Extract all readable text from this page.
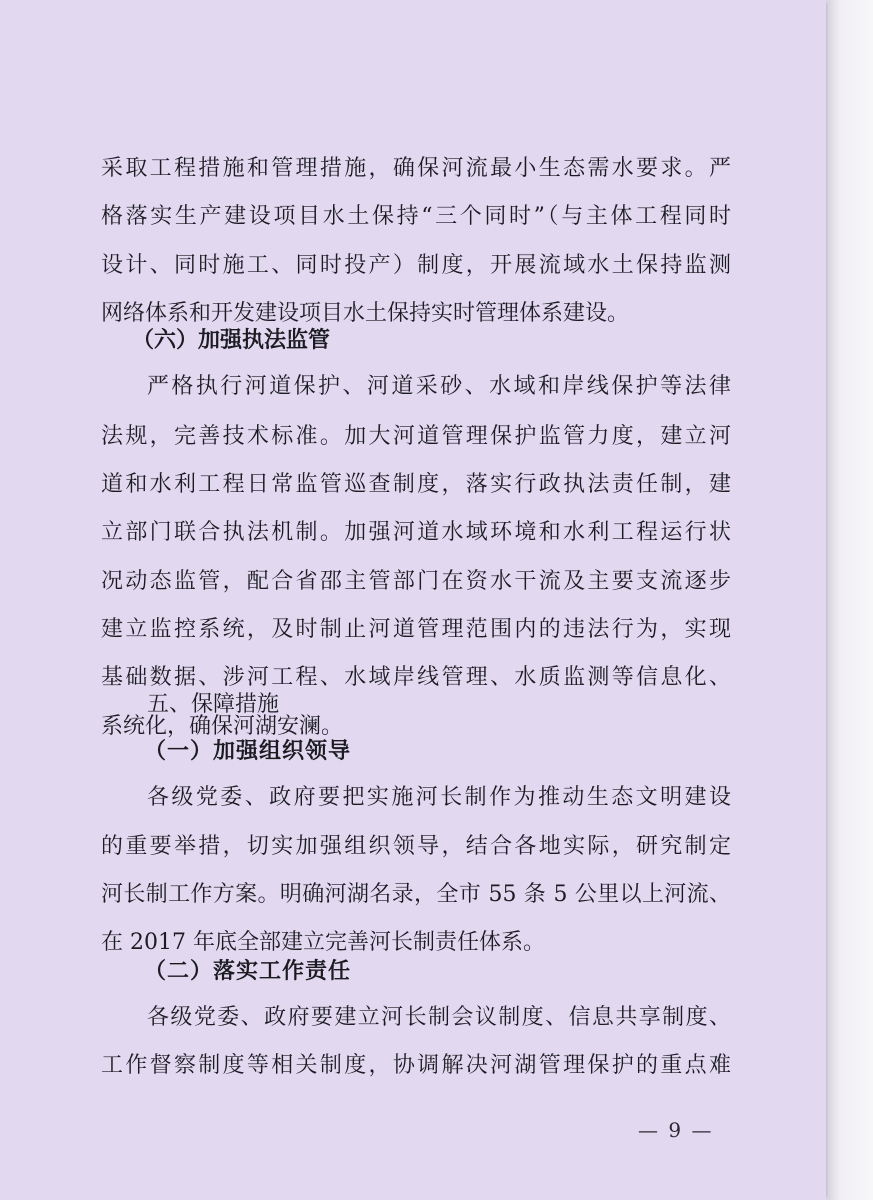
采取工程措施和管理措施，确保河流最小生态需水要求。严

格落实生产建设项目水土保持“三个同时”（与主体工程同时

设计、同时施工、同时投产）制度，开展流域水土保持监测

网络体系和开发建设项目水土保持实时管理体系建设。

（六）加强执法监管

严格执行河道保护、河道采砂、水域和岸线保护等法律

法规，完善技术标准。加大河道管理保护监管力度，建立河

道和水利工程日常监管巡查制度，落实行政执法责任制，建

立部门联合执法机制。加强河道水域环境和水利工程运行状

况动态监管，配合省邵主管部门在资水干流及主要支流逐步

建立监控系统，及时制止河道管理范围内的违法行为，实现

基础数据、涉河工程、水域岸线管理、水质监测等信息化、

系统化，确保河湖安澜。

五、保障措施

（一）加强组织领导

各级党委、政府要把实施河长制作为推动生态文明建设

的重要举措，切实加强组织领导，结合各地实际，研究制定

河长制工作方案。明确河湖名录，全市 55 条 5 公里以上河流、

在 2017 年底全部建立完善河长制责任体系。

（二）落实工作责任

各级党委、政府要建立河长制会议制度、信息共享制度、

工作督察制度等相关制度，协调解决河湖管理保护的重点难

— 9 —
